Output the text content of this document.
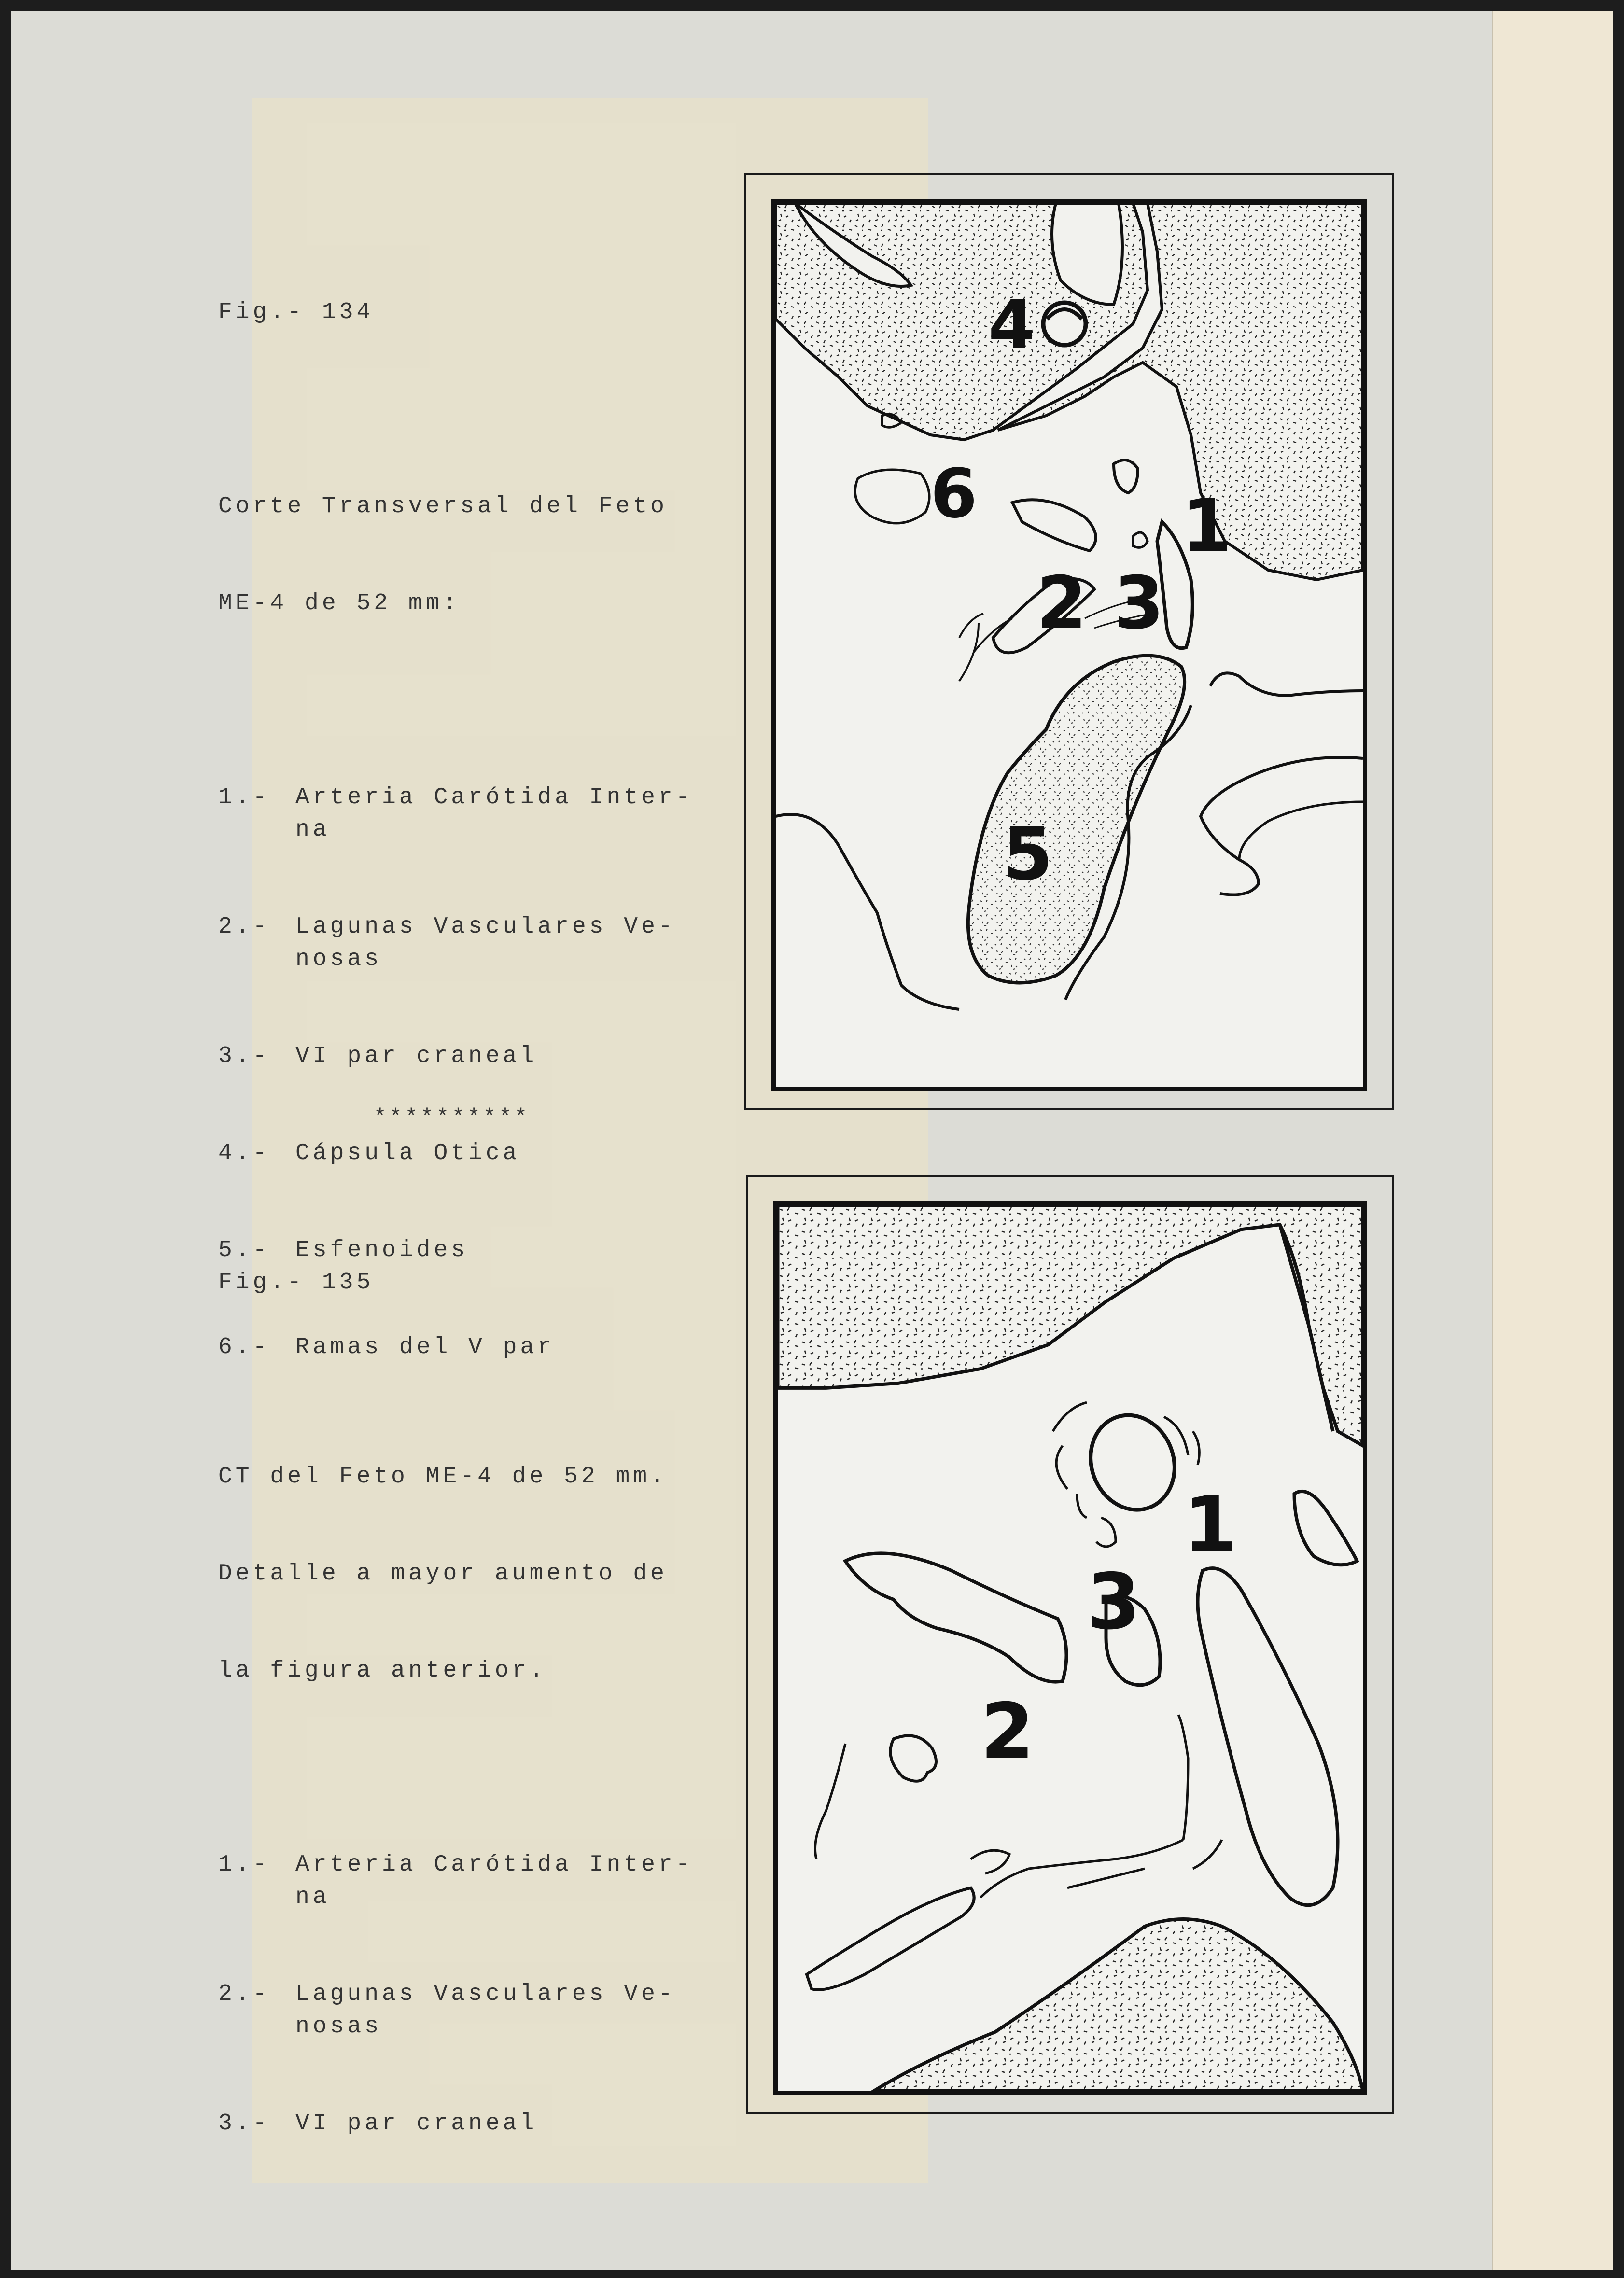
Fig.- 134

Corte Transversal del Feto

ME-4 de 52 mm:

1.- Arteria Carótida Inter-
na

2.- Lagunas Vasculares Ve-
nosas

3.- VI par craneal

4.- Cápsula Otica

5.- Esfenoides

6.- Ramas del V par

**********

Fig.- 135

CT del Feto ME-4 de 52 mm.

Detalle a mayor aumento de

la figura anterior.

1.- Arteria Carótida Inter-
na

2.- Lagunas Vasculares Ve-
nosas

3.- VI par craneal

4
6	1
2 3
5
1
3
2
